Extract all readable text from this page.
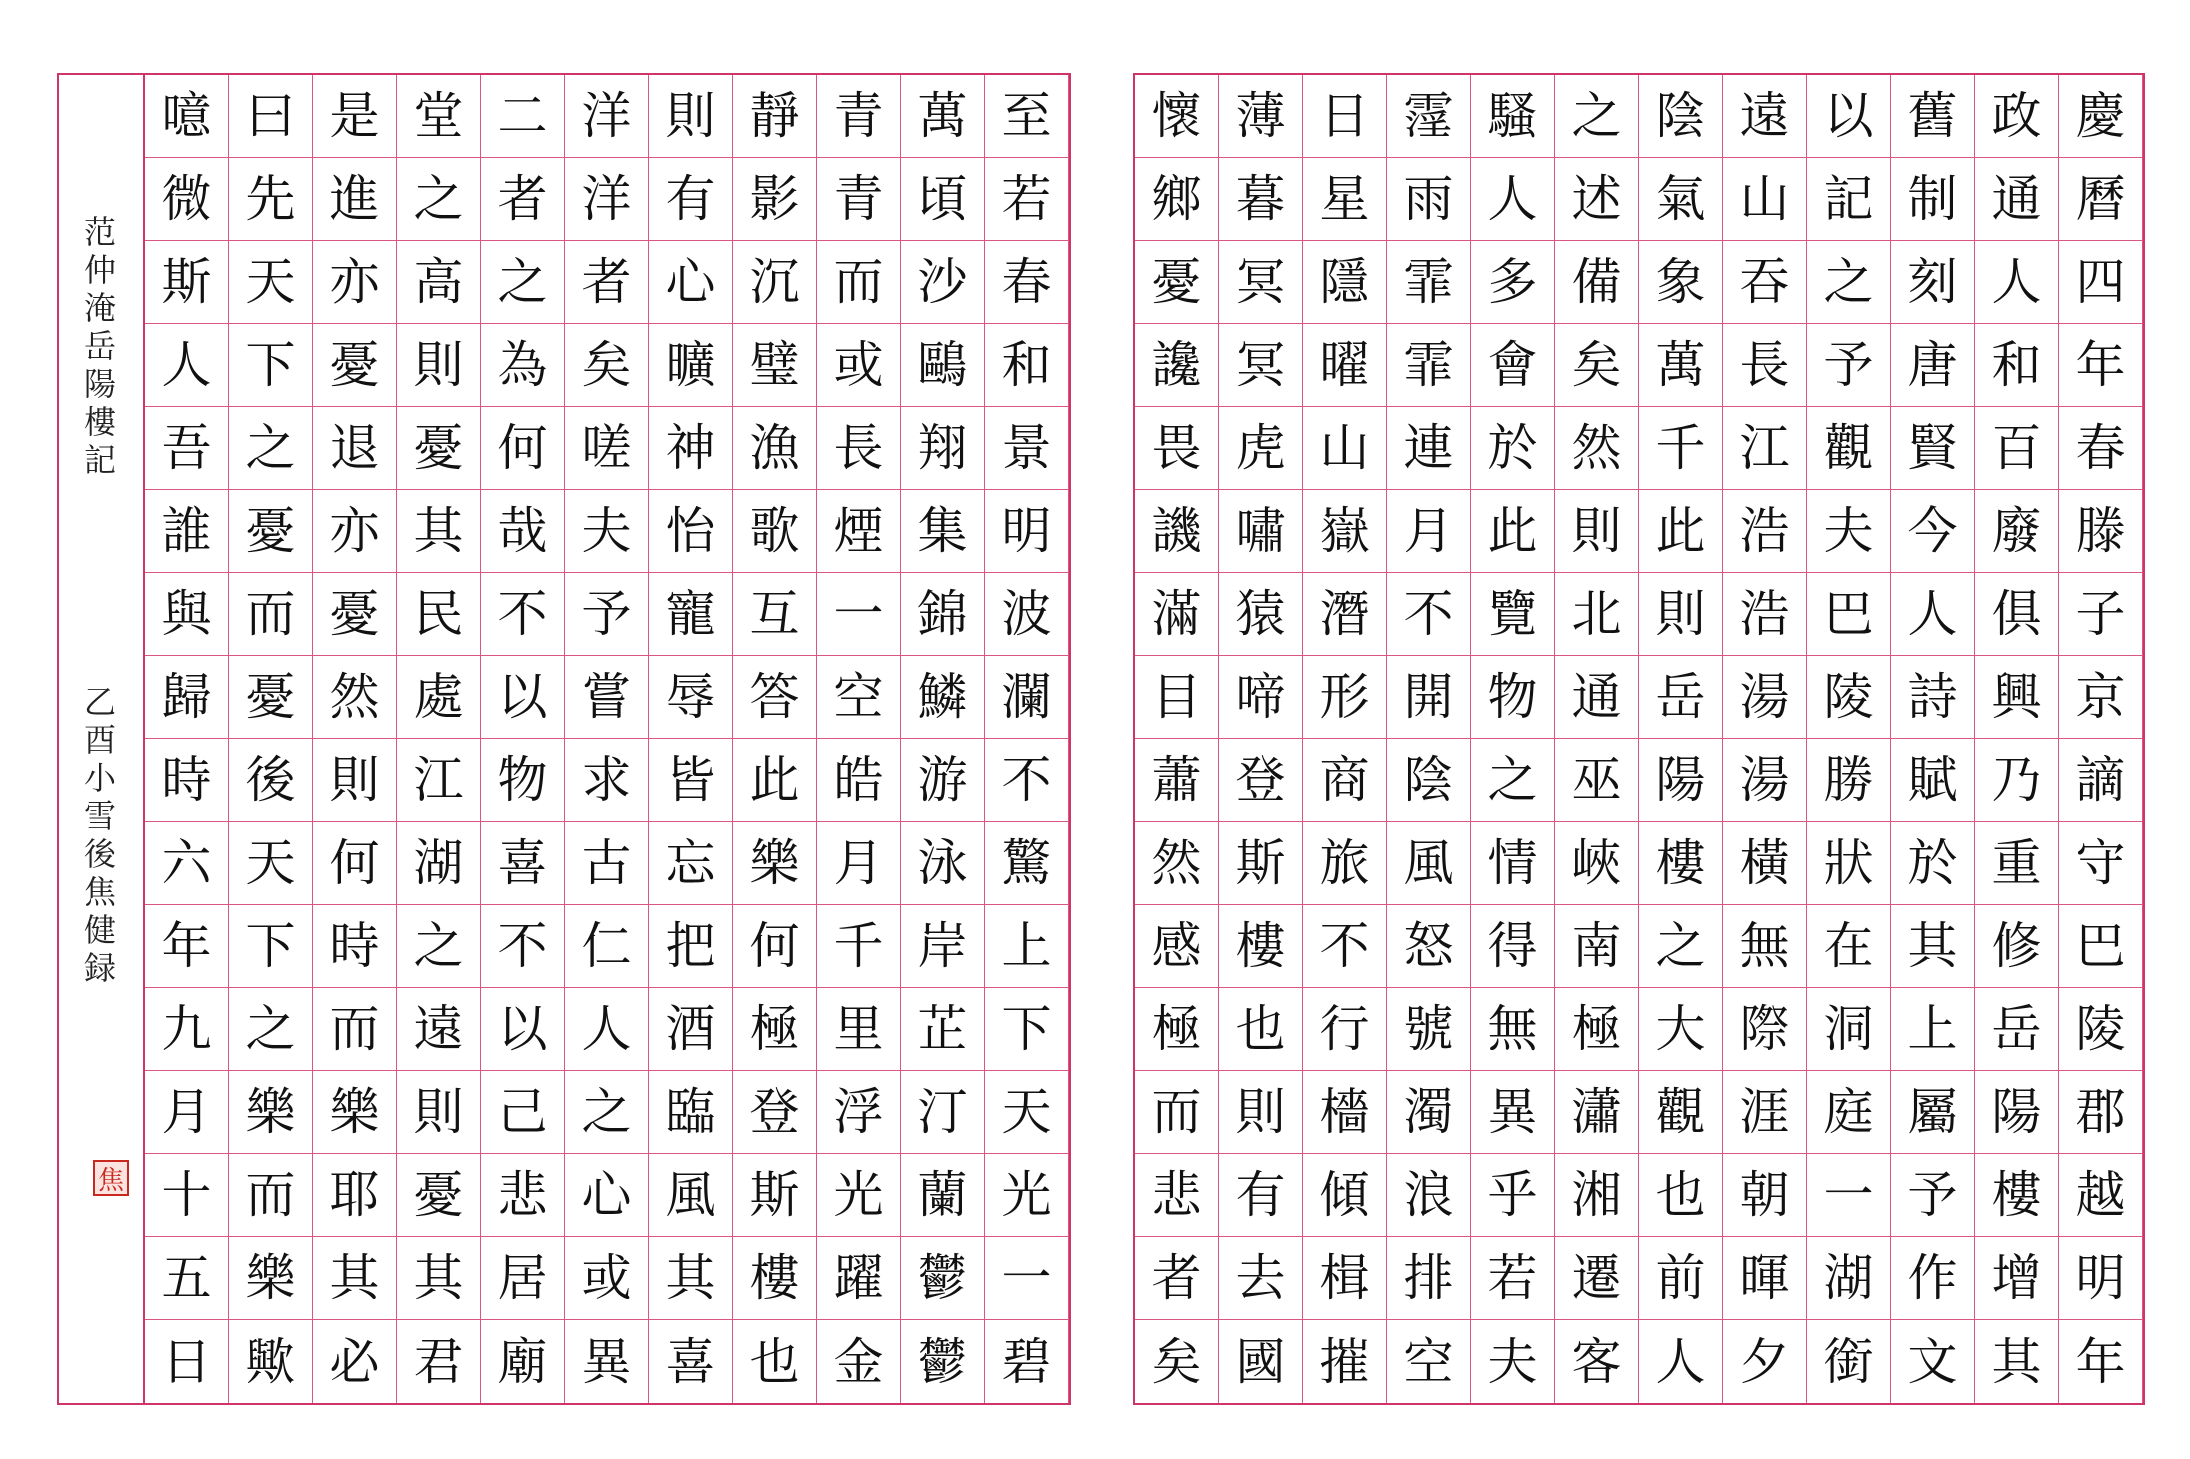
范仲淹岳陽樓記
乙酉小雪後焦健録
焦
至
若
春
和
景
明
波
瀾
不
驚
上
下
天
光
一
碧
萬
頃
沙
鷗
翔
集
錦
鱗
游
泳
岸
芷
汀
蘭
鬱
鬱
青
青
而
或
長
煙
一
空
皓
月
千
里
浮
光
躍
金
靜
影
沉
璧
漁
歌
互
答
此
樂
何
極
登
斯
樓
也
則
有
心
曠
神
怡
寵
辱
皆
忘
把
酒
臨
風
其
喜
洋
洋
者
矣
嗟
夫
予
嘗
求
古
仁
人
之
心
或
異
二
者
之
為
何
哉
不
以
物
喜
不
以
己
悲
居
廟
堂
之
高
則
憂
其
民
處
江
湖
之
遠
則
憂
其
君
是
進
亦
憂
退
亦
憂
然
則
何
時
而
樂
耶
其
必
曰
先
天
下
之
憂
而
憂
後
天
下
之
樂
而
樂
歟
噫
微
斯
人
吾
誰
與
歸
時
六
年
九
月
十
五
日
慶
曆
四
年
春
滕
子
京
謫
守
巴
陵
郡
越
明
年
政
通
人
和
百
廢
俱
興
乃
重
修
岳
陽
樓
增
其
舊
制
刻
唐
賢
今
人
詩
賦
於
其
上
屬
予
作
文
以
記
之
予
觀
夫
巴
陵
勝
狀
在
洞
庭
一
湖
銜
遠
山
吞
長
江
浩
浩
湯
湯
橫
無
際
涯
朝
暉
夕
陰
氣
象
萬
千
此
則
岳
陽
樓
之
大
觀
也
前
人
之
述
備
矣
然
則
北
通
巫
峽
南
極
瀟
湘
遷
客
騷
人
多
會
於
此
覽
物
之
情
得
無
異
乎
若
夫
霪
雨
霏
霏
連
月
不
開
陰
風
怒
號
濁
浪
排
空
日
星
隱
曜
山
嶽
潛
形
商
旅
不
行
檣
傾
楫
摧
薄
暮
冥
冥
虎
嘯
猿
啼
登
斯
樓
也
則
有
去
國
懷
鄉
憂
讒
畏
譏
滿
目
蕭
然
感
極
而
悲
者
矣
